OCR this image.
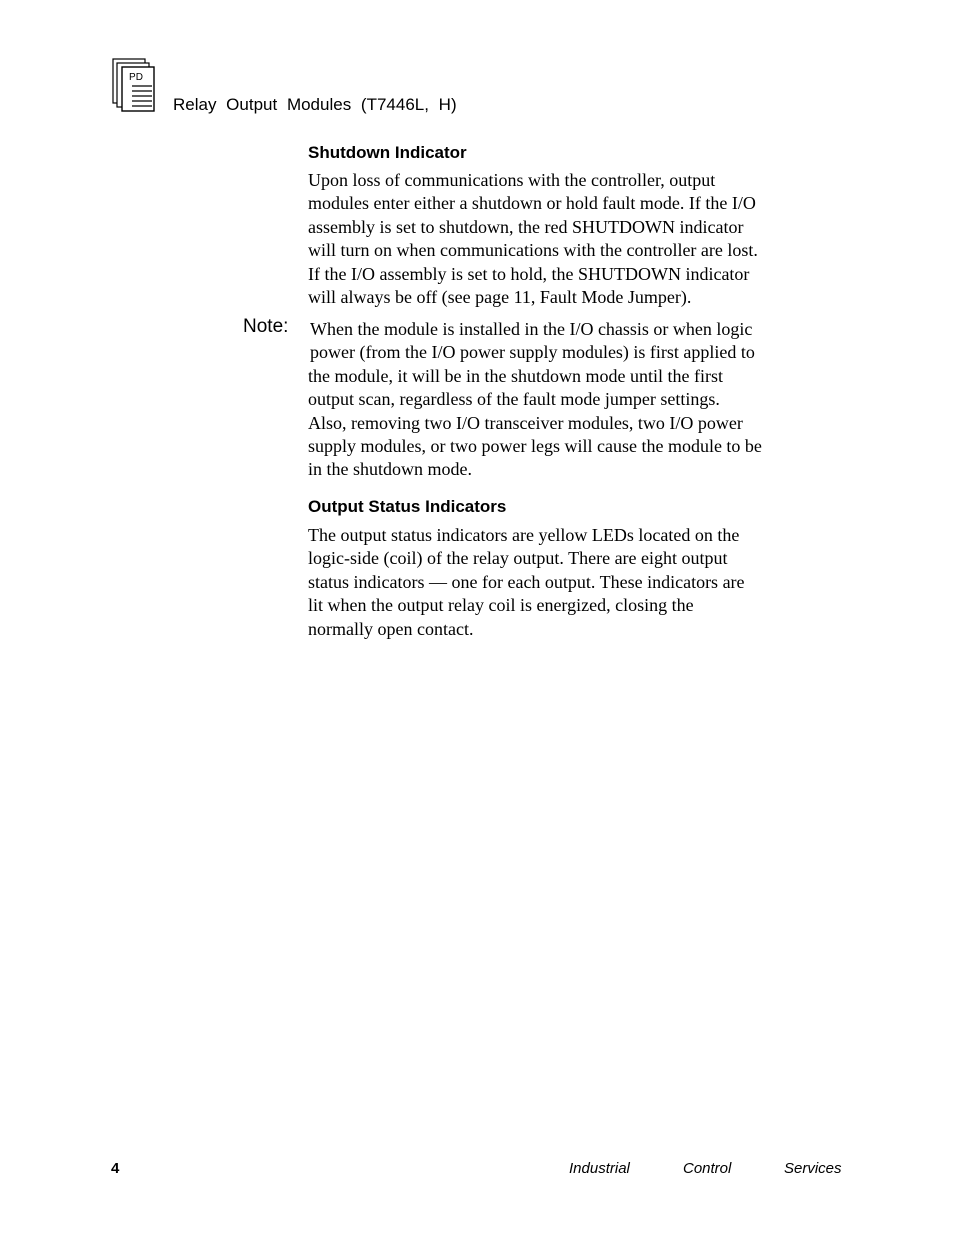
PD
Relay Output Modules (T7446L, H)
Shutdown Indicator
Upon loss of communications with the controller, output
modules enter either a shutdown or hold fault mode. If the I/O
assembly is set to shutdown, the red SHUTDOWN indicator
will turn on when communications with the controller are lost.
If the I/O assembly is set to hold, the SHUTDOWN indicator
will always be off (see page 11, Fault Mode Jumper).
Note: When the module is installed in the I/O chassis or when logic
power (from the I/O power supply modules) is first applied to
the module, it will be in the shutdown mode until the first
output scan, regardless of the fault mode jumper settings.
Also, removing two I/O transceiver modules, two I/O power
supply modules, or two power legs will cause the module to be
in the shutdown mode.
Output Status Indicators
The output status indicators are yellow LEDs located on the
logic-side (coil) of the relay output. There are eight output
status indicators — one for each output. These indicators are
lit when the output relay coil is energized, closing the
normally open contact.
4	Industrial	Control	Services
